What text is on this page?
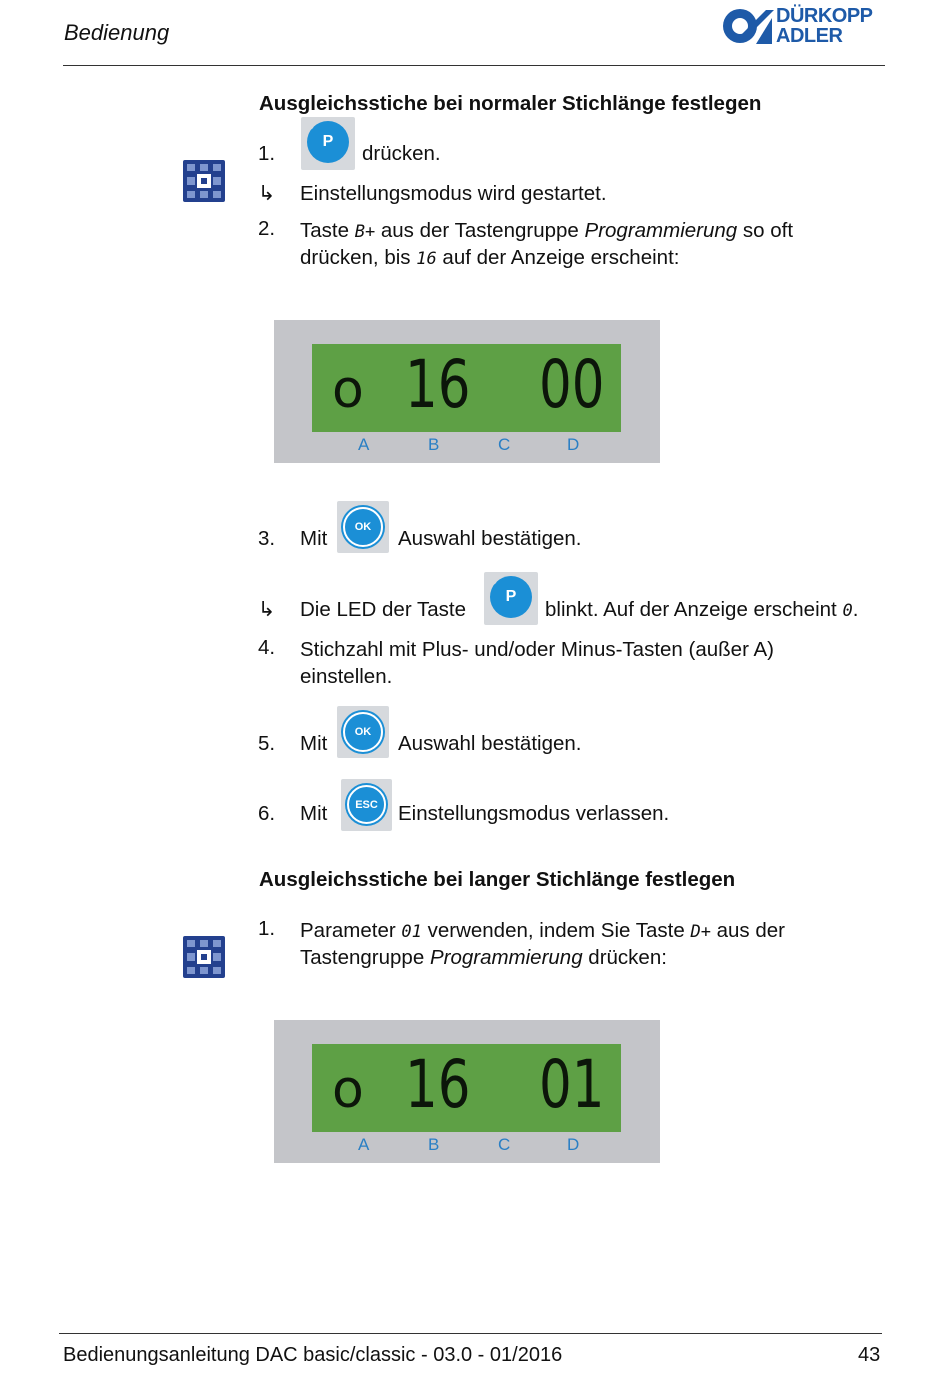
Bedienung
DÜRKOPP
ADLER
Ausgleichsstiche bei normaler Stichlänge festlegen
1.
P
drücken.
↳ Einstellungsmodus wird gestartet.
2. Taste B+ aus der Tastengruppe Programmierung so oft
drücken, bis 16 auf der Anzeige erscheint:
o 16 00
A	B	C	D
3. Mit	OK	Auswahl bestätigen.
↳ Die LED der Taste
P
blinkt. Auf der Anzeige erscheint 0.
4. Stichzahl mit Plus- und/oder Minus-Tasten (außer A)
einstellen.
5. Mit	OK	Auswahl bestätigen.
6. Mit	ESC Einstellungsmodus verlassen.
Ausgleichsstiche bei langer Stichlänge festlegen
1. Parameter 01 verwenden, indem Sie Taste D+ aus der
Tastengruppe Programmierung drücken:
o 16 01
A	B	C	D
Bedienungsanleitung DAC basic/classic - 03.0 - 01/2016	43
